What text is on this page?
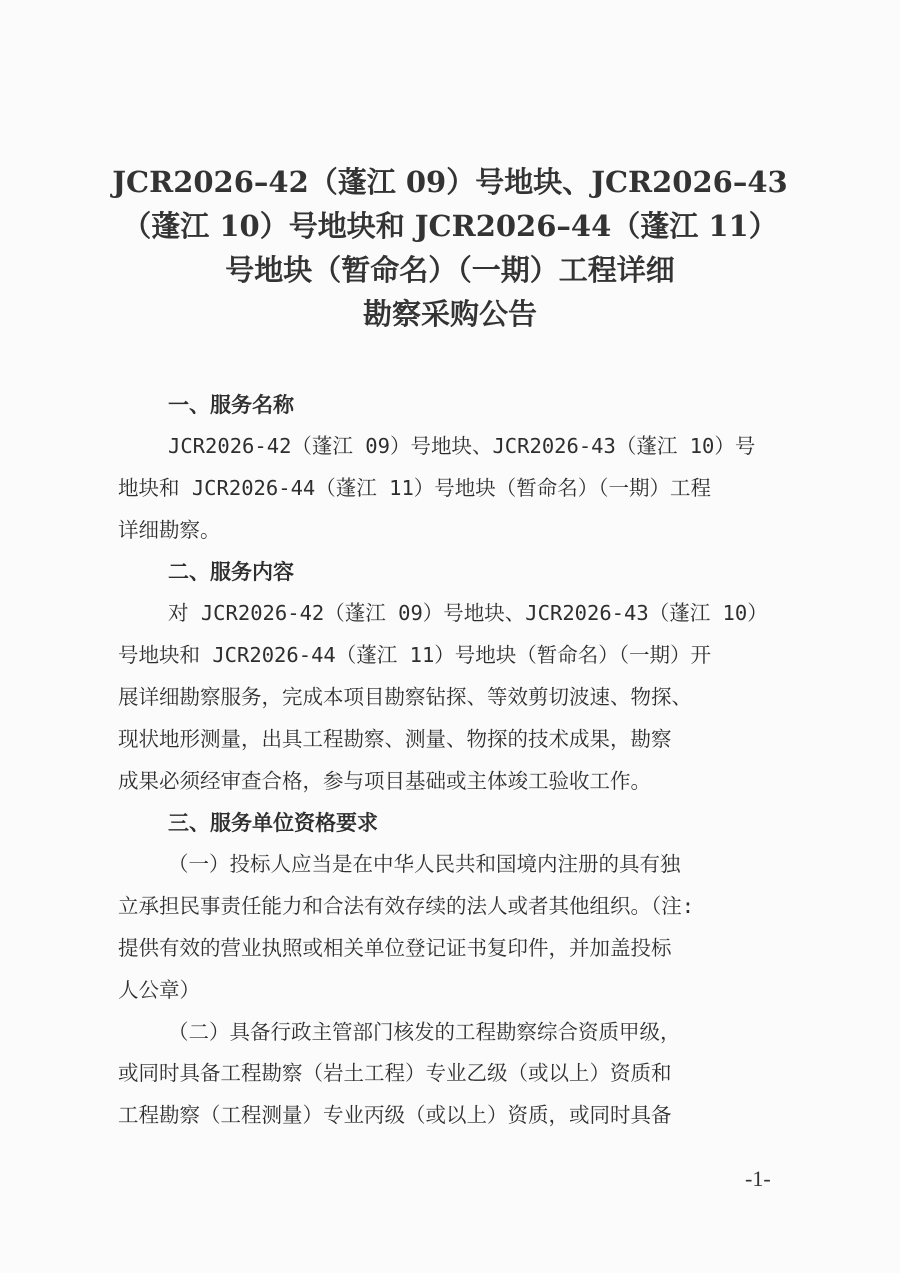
JCR2026–42（蓬江 09）号地块、JCR2026–43
（蓬江 10）号地块和 JCR2026–44（蓬江 11）
号地块（暂命名）（一期）工程详细
勘察采购公告
一、服务名称
JCR2026-42（蓬江 09）号地块、JCR2026-43（蓬江 10）号
地块和 JCR2026-44（蓬江 11）号地块（暂命名）（一期）工程
详细勘察。
二、服务内容
对 JCR2026-42（蓬江 09）号地块、JCR2026-43（蓬江 10）
号地块和 JCR2026-44（蓬江 11）号地块（暂命名）（一期）开
展详细勘察服务，完成本项目勘察钻探、等效剪切波速、物探、
现状地形测量，出具工程勘察、测量、物探的技术成果，勘察
成果必须经审查合格，参与项目基础或主体竣工验收工作。
三、服务单位资格要求
（一）投标人应当是在中华人民共和国境内注册的具有独
立承担民事责任能力和合法有效存续的法人或者其他组织。（注:
提供有效的营业执照或相关单位登记证书复印件，并加盖投标
人公章）
（二）具备行政主管部门核发的工程勘察综合资质甲级，
或同时具备工程勘察（岩土工程）专业乙级（或以上）资质和
工程勘察（工程测量）专业丙级（或以上）资质，或同时具备
-1-
